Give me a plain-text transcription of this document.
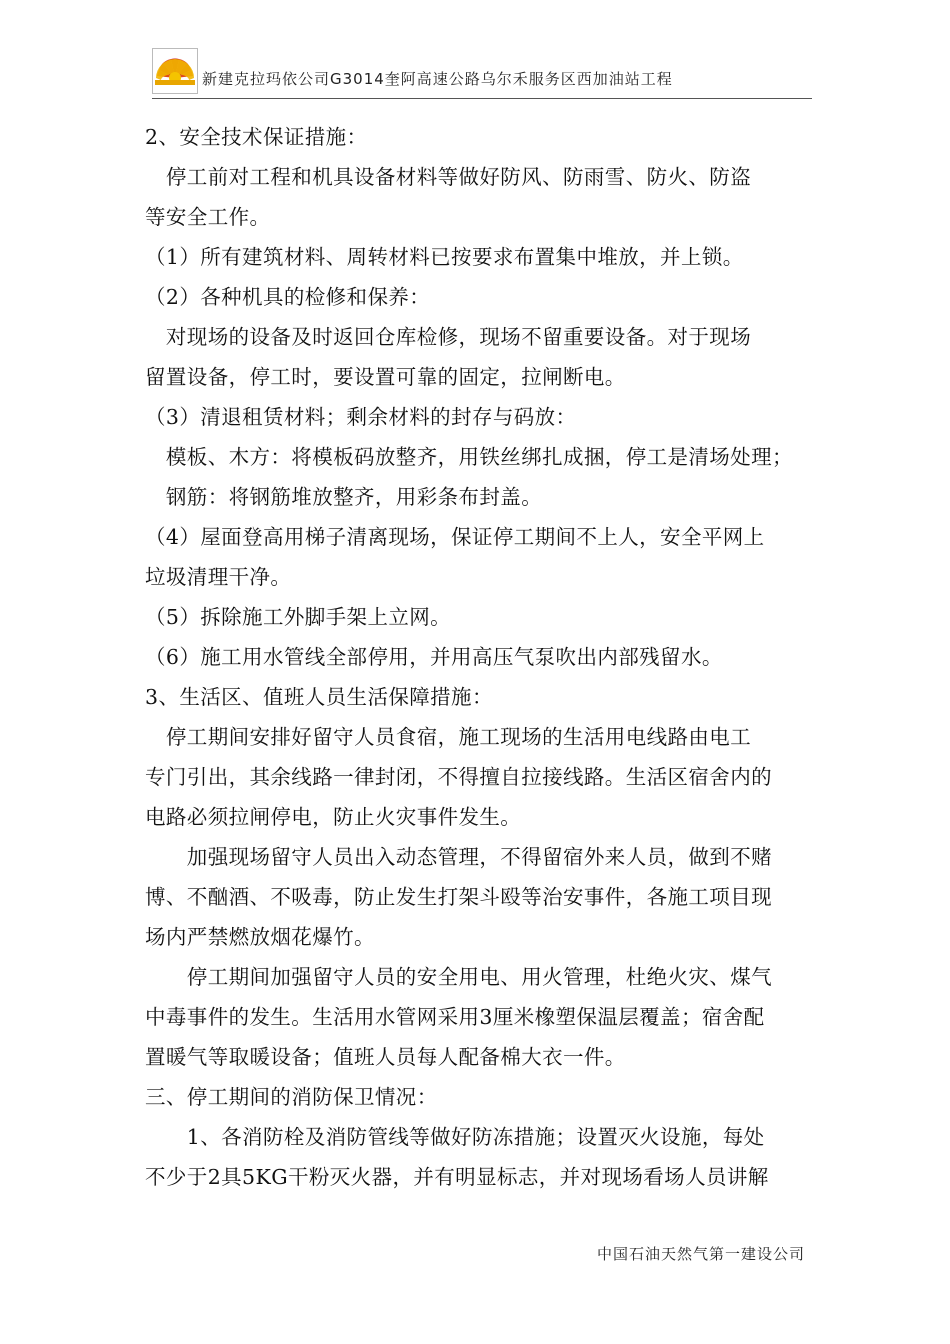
新建克拉玛依公司G3014奎阿高速公路乌尔禾服务区西加油站工程
2、安全技术保证措施：
　停工前对工程和机具设备材料等做好防风、防雨雪、防火、防盗
等安全工作。
（1）所有建筑材料、周转材料已按要求布置集中堆放，并上锁。
（2）各种机具的检修和保养：
　对现场的设备及时返回仓库检修，现场不留重要设备。对于现场
留置设备，停工时，要设置可靠的固定，拉闸断电。
（3）清退租赁材料；剩余材料的封存与码放：
　模板、木方：将模板码放整齐，用铁丝绑扎成捆，停工是清场处理；
　钢筋：将钢筋堆放整齐，用彩条布封盖。
（4）屋面登高用梯子清离现场，保证停工期间不上人，安全平网上
垃圾清理干净。
（5）拆除施工外脚手架上立网。
（6）施工用水管线全部停用，并用高压气泵吹出内部残留水。
3、生活区、值班人员生活保障措施：
　停工期间安排好留守人员食宿，施工现场的生活用电线路由电工
专门引出，其余线路一律封闭，不得擅自拉接线路。生活区宿舍内的
电路必须拉闸停电，防止火灾事件发生。
　　加强现场留守人员出入动态管理，不得留宿外来人员，做到不赌
博、不酗酒、不吸毒，防止发生打架斗殴等治安事件，各施工项目现
场内严禁燃放烟花爆竹。
　　停工期间加强留守人员的安全用电、用火管理，杜绝火灾、煤气
中毒事件的发生。生活用水管网采用3厘米橡塑保温层覆盖；宿舍配
置暖气等取暖设备；值班人员每人配备棉大衣一件。
三、停工期间的消防保卫情况：
　　1、各消防栓及消防管线等做好防冻措施；设置灭火设施，每处
不少于2具5KG干粉灭火器，并有明显标志，并对现场看场人员讲解
中国石油天然气第一建设公司
